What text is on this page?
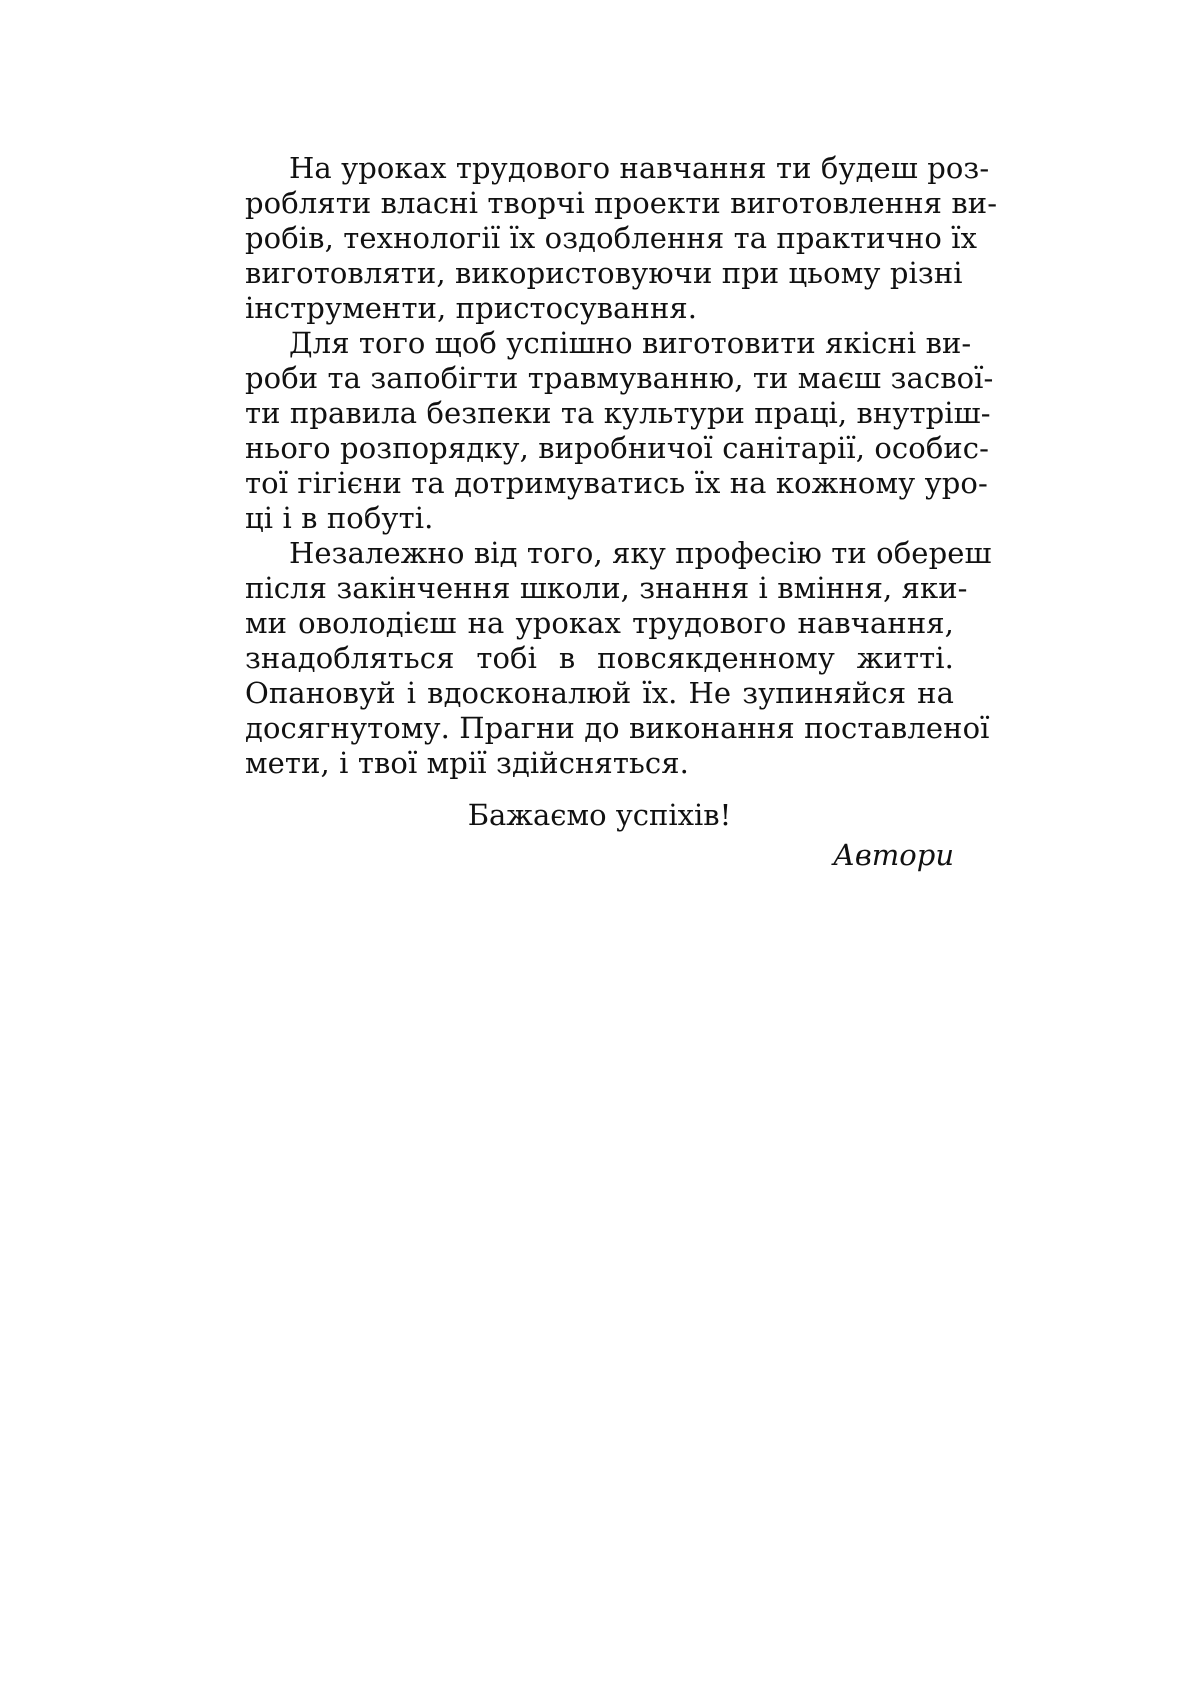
На уроках трудового навчання ти будеш роз-
робляти власні творчі проекти виготовлення ви-
робів, технології їх оздоблення та практично їх
виготовляти, використовуючи при цьому різні
інструменти, пристосування.

Для того щоб успішно виготовити якісні ви-
роби та запобігти травмуванню, ти маєш засвої-
ти правила безпеки та культури праці, внутріш-
нього розпорядку, виробничої санітарії, особис-
тої гігієни та дотримуватись їх на кожному уро-
ці і в побуті.

Незалежно від того, яку професію ти обереш
після закінчення школи, знання і вміння, яки-
ми оволодієш на уроках трудового навчання,
знадобляться тобі в повсякденному житті.
Опановуй і вдосконалюй їх. Не зупиняйся на
досягнутому. Прагни до виконання поставленої
мети, і твої мрії здійсняться.

Бажаємо успіхів!

Автори
